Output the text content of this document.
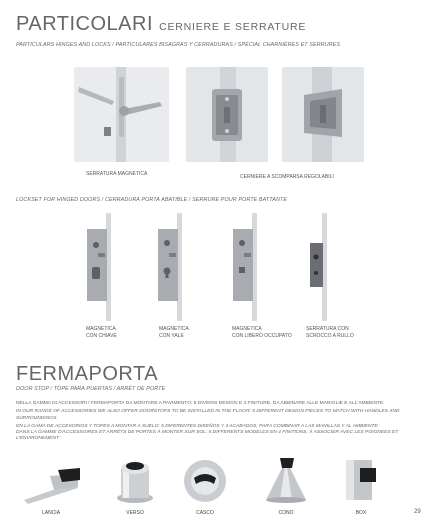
PARTICOLARI CERNIERE E SERRATURE
PARTICULARS HINGES AND LOCKS / PARTICULARES BISAGRAS Y CERRADURAS / SPÉCIAL CHARNIÈRES ET SERRURES
SERRATURA MAGNETICA	CERNIERE A SCOMPARSA REGOLABILI
LOCKSET FOR HINGED DOORS / CERRADURA PORTA ABATIBLE / SERRURE POUR PORTE BATTANTE
MAGNETICA
CON CHIAVE
MAGNETICA
CON YALE
MAGNETICA
CON LIBERO OCCUPATO
SERRATURA CON
SCROCCO A RULLO
FERMAPORTA
DOOR STOP / TOPE PARA PUERTAS / ARRÊT DE PORTE
NELLA GAMMA DI ACCESSORI I FERMAPORTA DA MONTARE A PAVIMENTO: 5 DIVERSI DESIGN E 4 FINITURE, DA ABBINARE ALLE MANIGLIE E ALL'AMBIENTE.
IN OUR RANGE OF ACCESSORIES WE ALSO OFFER DOORSTOPS TO BE INSTALLED IN THE FLOOR: 5 DIFFERENT DESIGN PIECES TO MATCH WITH HANDLES AND SURROUNDINGS.
EN LA GAMA DE ACCESORIOS Y TOPES A MONTAR A SUELO: 5 DIFERENTES DISEÑOS Y 4 ACABADOS, PARA COMBINAR A LAS MANILLAS Y AL AMBIENTE
DANS LA GAMME D'ACCESSOIRES ET ARRÊTS DE PORTES À MONTER SUR SOL: 5 DIFFERENTS MODELES EN 4 FINITIONS, À ASSOCIER AVEC LES POIGNEES ET L'ENVIRONEMENT
LANCIA	VERSO	CASCO	CONO	BOX	29
